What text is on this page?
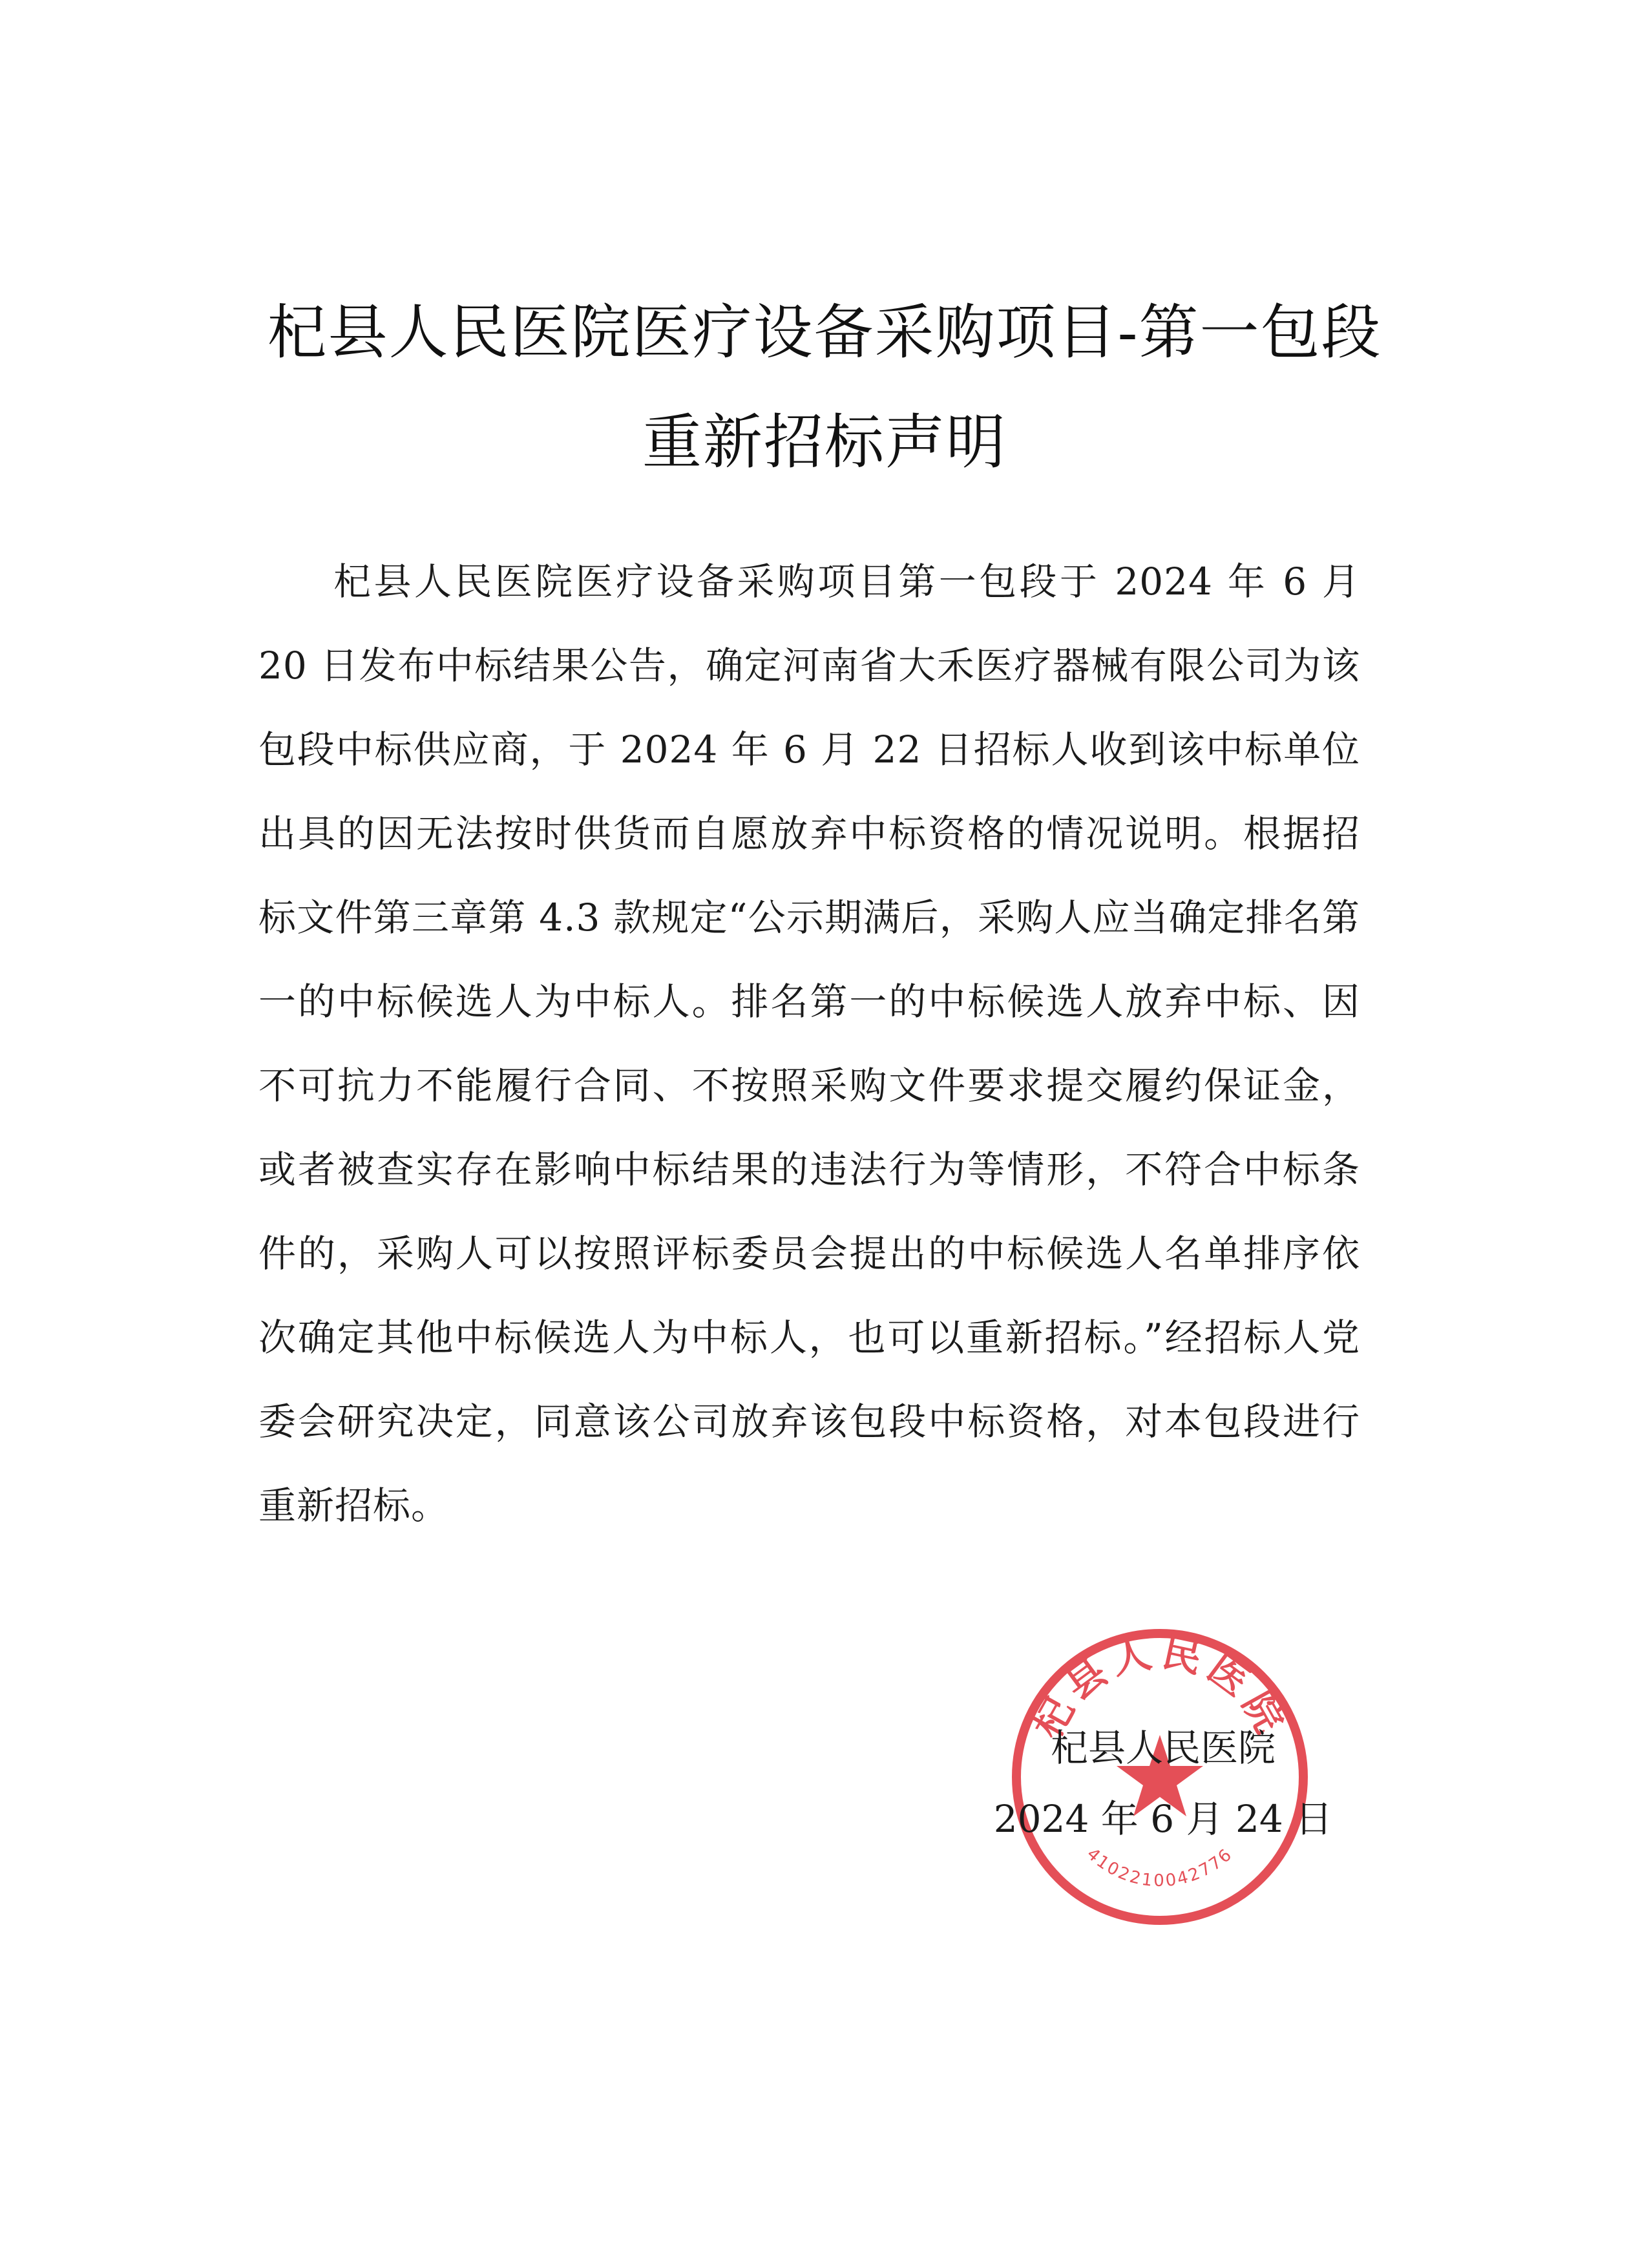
杞县人民医院医疗设备采购项目-第一包段
重新招标声明

杞县人民医院医疗设备采购项目第一包段于 2024 年 6 月 20 日发布中标结果公告，确定河南省大禾医疗器械有限公司为该包段中标供应商，于 2024 年 6 月 22 日招标人收到该中标单位出具的因无法按时供货而自愿放弃中标资格的情况说明。根据招标文件第三章第 4.3 款规定“公示期满后，采购人应当确定排名第一的中标候选人为中标人。排名第一的中标候选人放弃中标、因不可抗力不能履行合同、不按照采购文件要求提交履约保证金，或者被查实存在影响中标结果的违法行为等情形，不符合中标条件的，采购人可以按照评标委员会提出的中标候选人名单排序依次确定其他中标候选人为中标人，也可以重新招标。”经招标人党委会研究决定，同意该公司放弃该包段中标资格，对本包段进行重新招标。

杞县人民医院
4102210042776
杞县人民医院
2024 年 6 月 24 日
